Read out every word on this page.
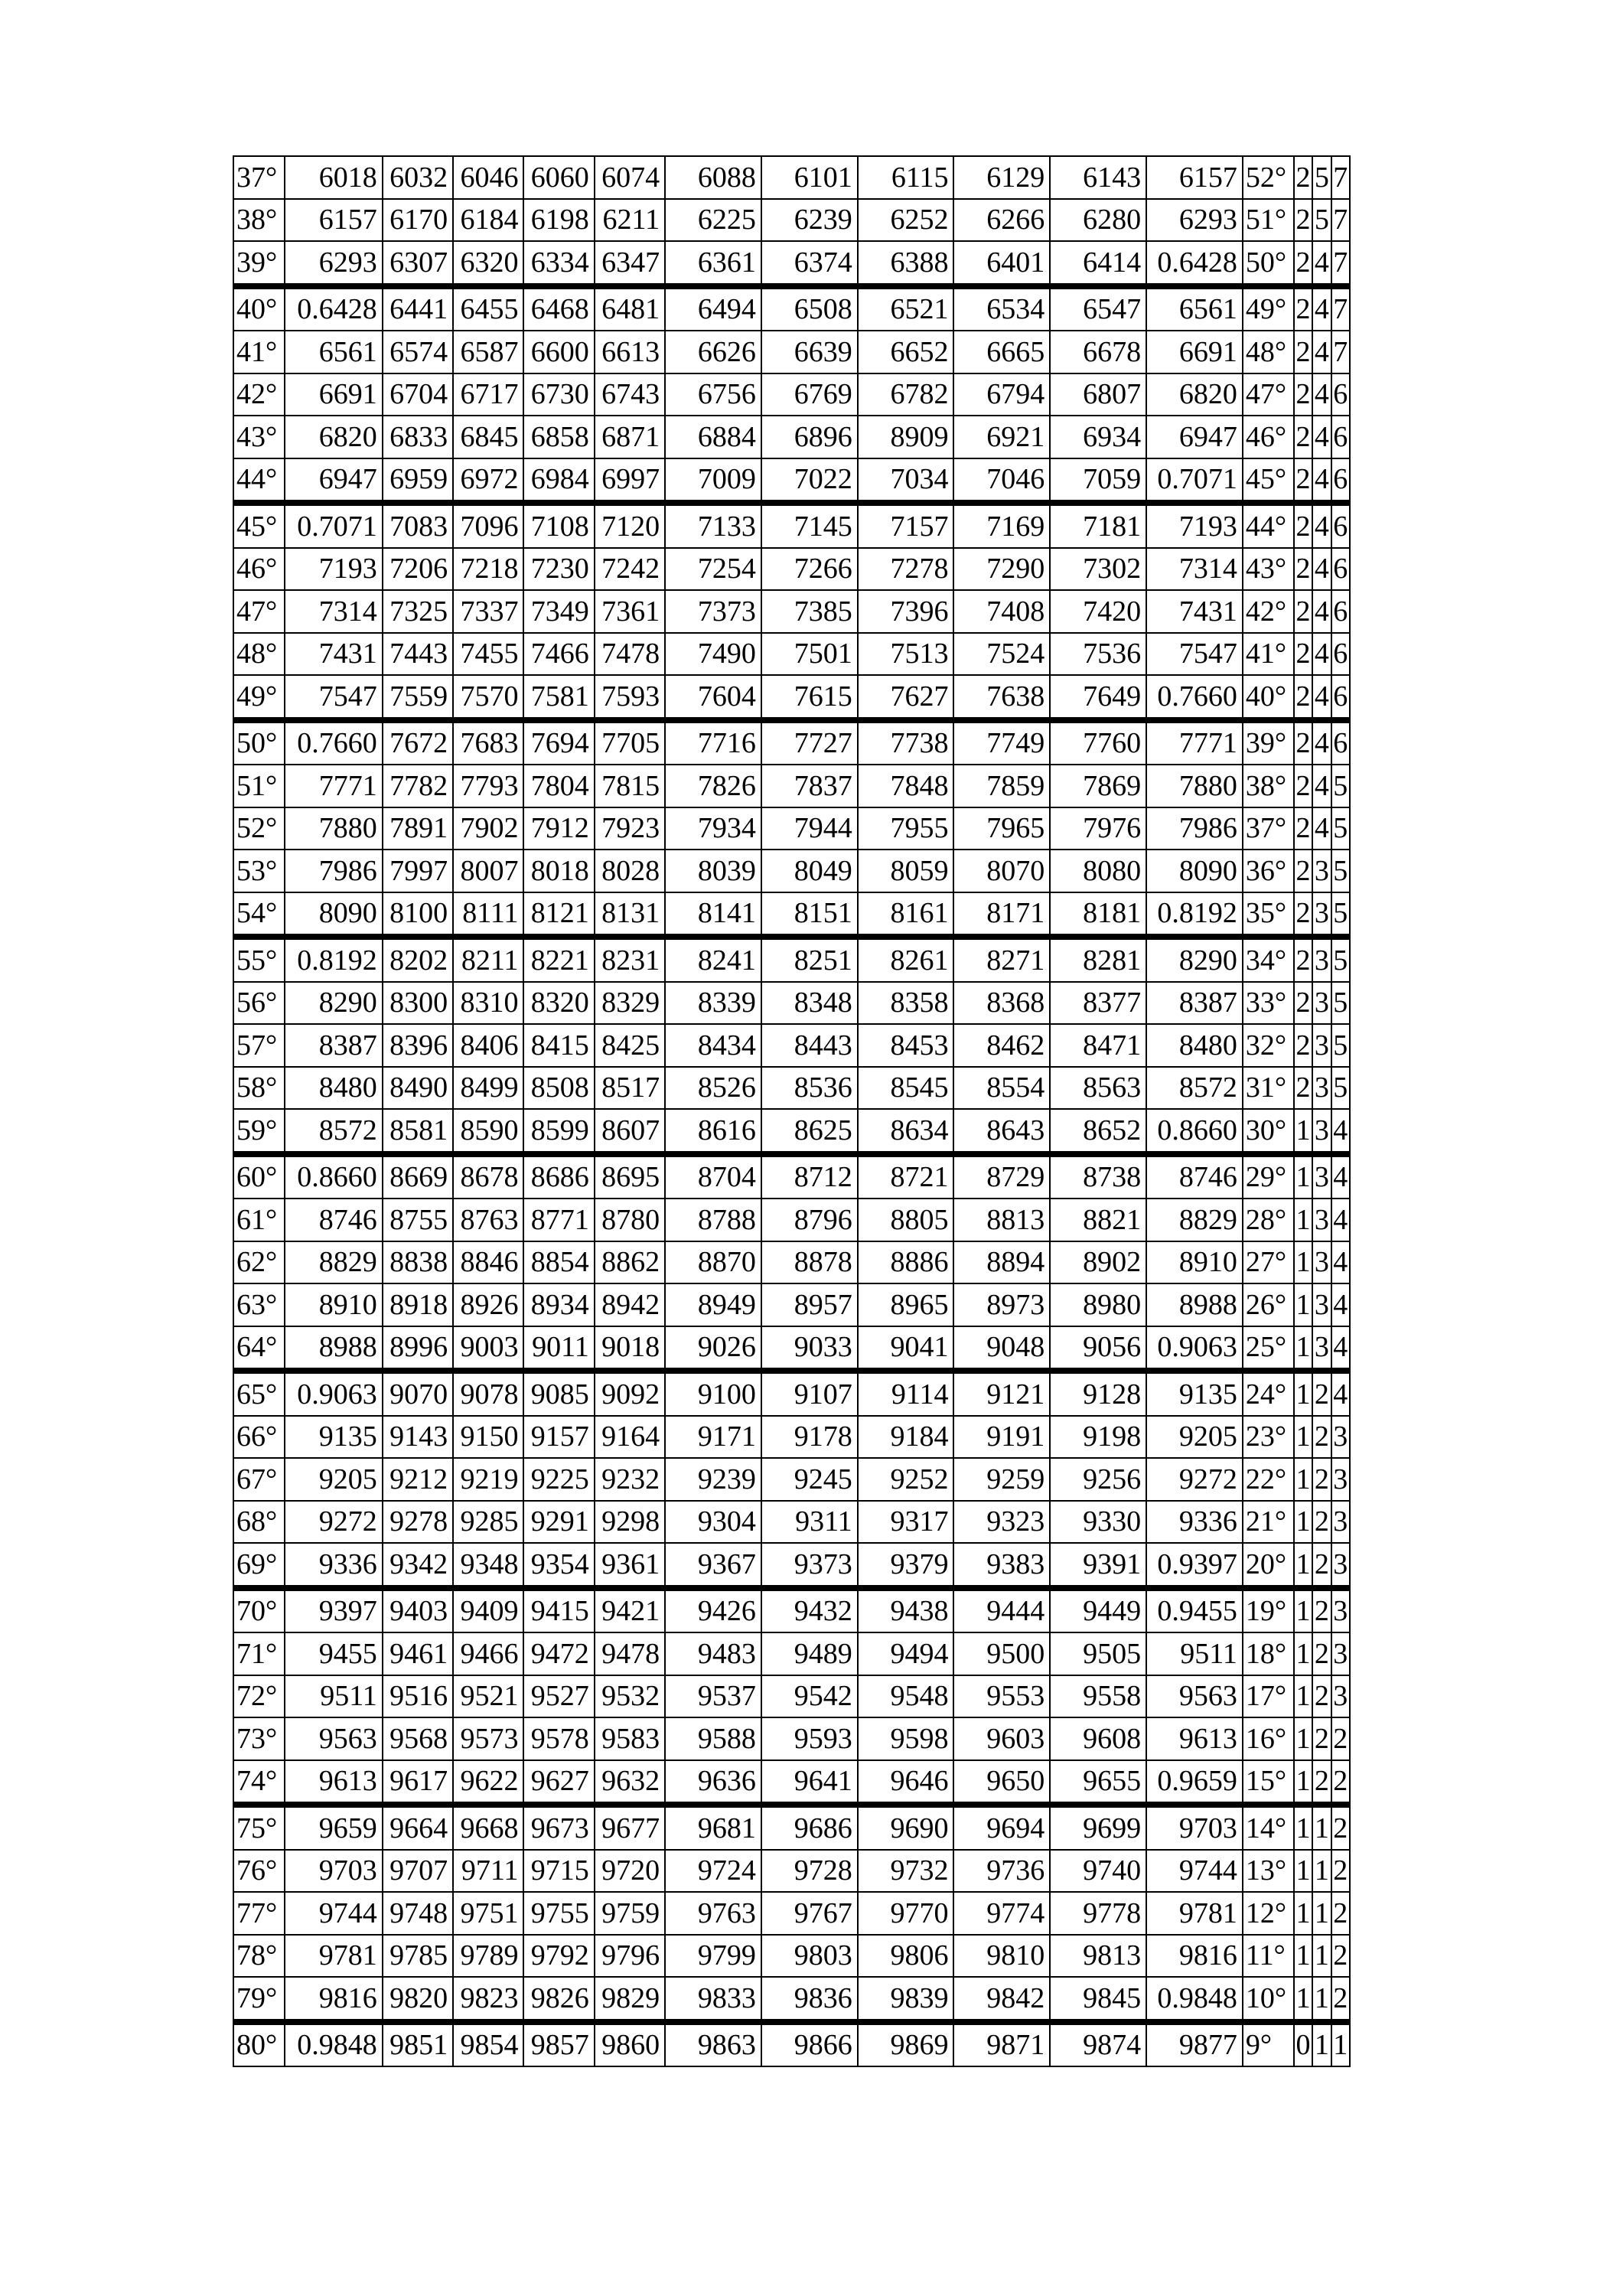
37°	6018	6032	6046	6060	6074	6088	6101	6115	6129	6143	6157	52°	2	5	7
38°	6157	6170	6184	6198	6211	6225	6239	6252	6266	6280	6293	51°	2	5	7
39°	6293	6307	6320	6334	6347	6361	6374	6388	6401	6414	0.6428	50°	2	4	7
40°	0.6428	6441	6455	6468	6481	6494	6508	6521	6534	6547	6561	49°	2	4	7
41°	6561	6574	6587	6600	6613	6626	6639	6652	6665	6678	6691	48°	2	4	7
42°	6691	6704	6717	6730	6743	6756	6769	6782	6794	6807	6820	47°	2	4	6
43°	6820	6833	6845	6858	6871	6884	6896	8909	6921	6934	6947	46°	2	4	6
44°	6947	6959	6972	6984	6997	7009	7022	7034	7046	7059	0.7071	45°	2	4	6
45°	0.7071	7083	7096	7108	7120	7133	7145	7157	7169	7181	7193	44°	2	4	6
46°	7193	7206	7218	7230	7242	7254	7266	7278	7290	7302	7314	43°	2	4	6
47°	7314	7325	7337	7349	7361	7373	7385	7396	7408	7420	7431	42°	2	4	6
48°	7431	7443	7455	7466	7478	7490	7501	7513	7524	7536	7547	41°	2	4	6
49°	7547	7559	7570	7581	7593	7604	7615	7627	7638	7649	0.7660	40°	2	4	6
50°	0.7660	7672	7683	7694	7705	7716	7727	7738	7749	7760	7771	39°	2	4	6
51°	7771	7782	7793	7804	7815	7826	7837	7848	7859	7869	7880	38°	2	4	5
52°	7880	7891	7902	7912	7923	7934	7944	7955	7965	7976	7986	37°	2	4	5
53°	7986	7997	8007	8018	8028	8039	8049	8059	8070	8080	8090	36°	2	3	5
54°	8090	8100	8111	8121	8131	8141	8151	8161	8171	8181	0.8192	35°	2	3	5
55°	0.8192	8202	8211	8221	8231	8241	8251	8261	8271	8281	8290	34°	2	3	5
56°	8290	8300	8310	8320	8329	8339	8348	8358	8368	8377	8387	33°	2	3	5
57°	8387	8396	8406	8415	8425	8434	8443	8453	8462	8471	8480	32°	2	3	5
58°	8480	8490	8499	8508	8517	8526	8536	8545	8554	8563	8572	31°	2	3	5
59°	8572	8581	8590	8599	8607	8616	8625	8634	8643	8652	0.8660	30°	1	3	4
60°	0.8660	8669	8678	8686	8695	8704	8712	8721	8729	8738	8746	29°	1	3	4
61°	8746	8755	8763	8771	8780	8788	8796	8805	8813	8821	8829	28°	1	3	4
62°	8829	8838	8846	8854	8862	8870	8878	8886	8894	8902	8910	27°	1	3	4
63°	8910	8918	8926	8934	8942	8949	8957	8965	8973	8980	8988	26°	1	3	4
64°	8988	8996	9003	9011	9018	9026	9033	9041	9048	9056	0.9063	25°	1	3	4
65°	0.9063	9070	9078	9085	9092	9100	9107	9114	9121	9128	9135	24°	1	2	4
66°	9135	9143	9150	9157	9164	9171	9178	9184	9191	9198	9205	23°	1	2	3
67°	9205	9212	9219	9225	9232	9239	9245	9252	9259	9256	9272	22°	1	2	3
68°	9272	9278	9285	9291	9298	9304	9311	9317	9323	9330	9336	21°	1	2	3
69°	9336	9342	9348	9354	9361	9367	9373	9379	9383	9391	0.9397	20°	1	2	3
70°	9397	9403	9409	9415	9421	9426	9432	9438	9444	9449	0.9455	19°	1	2	3
71°	9455	9461	9466	9472	9478	9483	9489	9494	9500	9505	9511	18°	1	2	3
72°	9511	9516	9521	9527	9532	9537	9542	9548	9553	9558	9563	17°	1	2	3
73°	9563	9568	9573	9578	9583	9588	9593	9598	9603	9608	9613	16°	1	2	2
74°	9613	9617	9622	9627	9632	9636	9641	9646	9650	9655	0.9659	15°	1	2	2
75°	9659	9664	9668	9673	9677	9681	9686	9690	9694	9699	9703	14°	1	1	2
76°	9703	9707	9711	9715	9720	9724	9728	9732	9736	9740	9744	13°	1	1	2
77°	9744	9748	9751	9755	9759	9763	9767	9770	9774	9778	9781	12°	1	1	2
78°	9781	9785	9789	9792	9796	9799	9803	9806	9810	9813	9816	11°	1	1	2
79°	9816	9820	9823	9826	9829	9833	9836	9839	9842	9845	0.9848	10°	1	1	2
80°	0.9848	9851	9854	9857	9860	9863	9866	9869	9871	9874	9877	9°	0	1	1
